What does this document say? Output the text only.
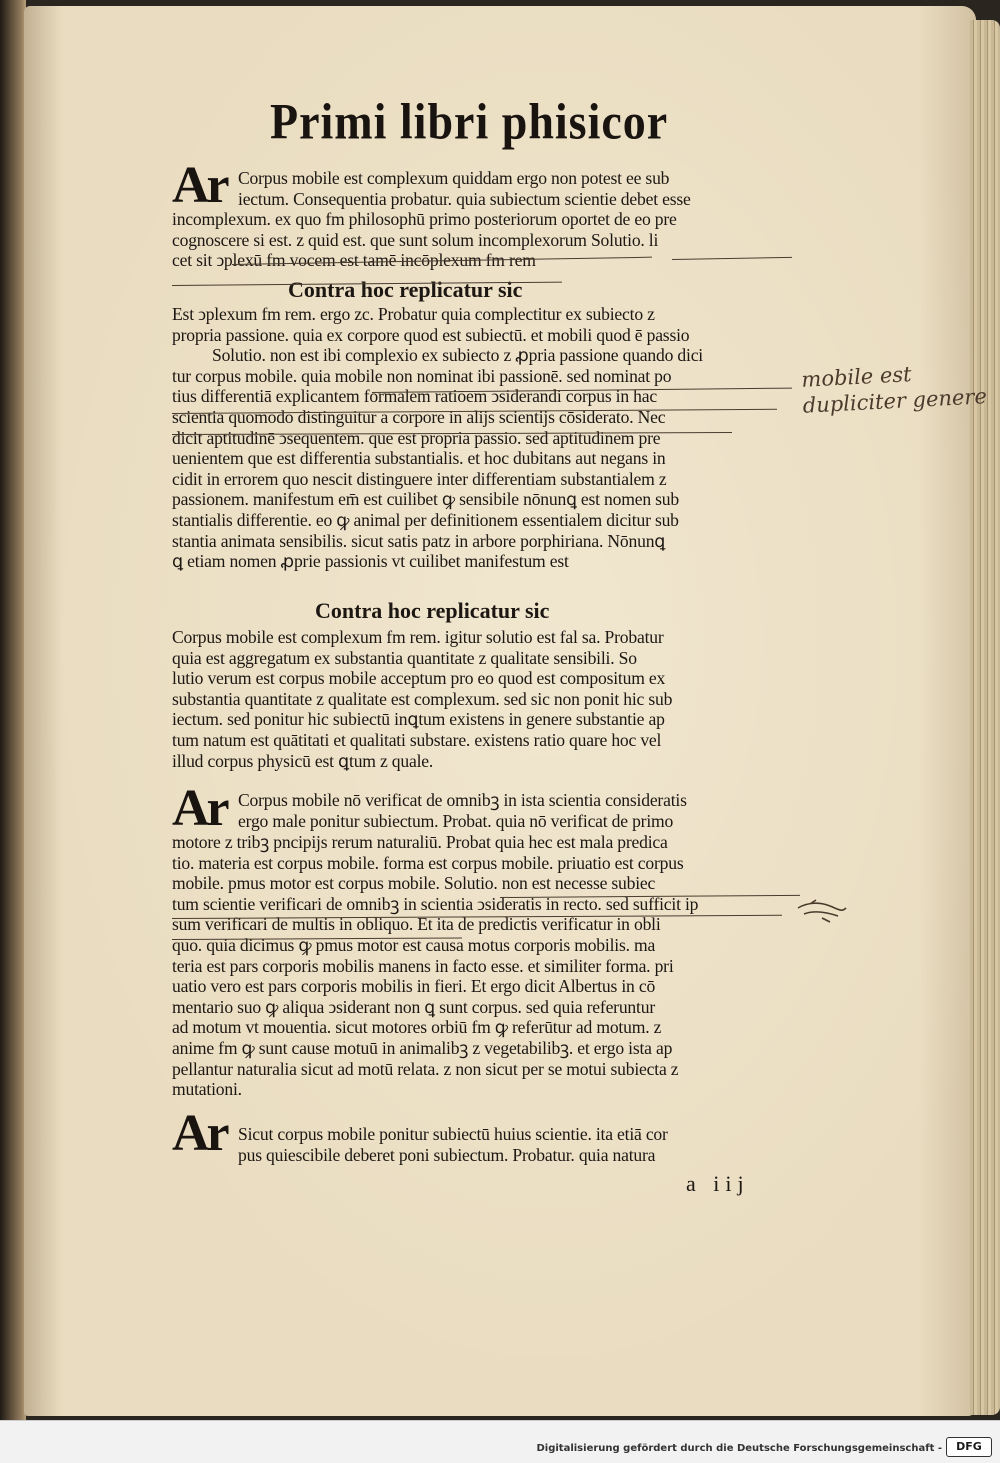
Primi libri phisicor
Ar Corpus mobile est complexum quiddam ergo non potest ee sub
iectum. Consequentia probatur. quia subiectum scientie debet esse
incomplexum. ex quo fm philosophū primo posteriorum oportet de eo pre
cognoscere si est. z quid est. que sunt solum incomplexorum Solutio. li
cet sit ↄplexū fm vocem est tamē incōplexum fm rem
Contra hoc replicatur sic
Est ↄplexum fm rem. ergo zc. Probatur quia complectitur ex subiecto z
propria passione. quia ex corpore quod est subiectū. et mobili quod ē passio
Solutio. non est ibi complexio ex subiecto z ꝓpria passione quando dici
tur corpus mobile. quia mobile non nominat ibi passionē. sed nominat po
tius differentiā explicantem formalem ratiōem ↄsiderandi corpus in hac
scientia quomodo distinguitur a corpore in alijs scientijs cōsiderato. Nec
dicit aptitudinē ↄsequentem. que est propria passio. sed aptitudinem pre
uenientem que est differentia substantialis. et hoc dubitans aut negans in
cidit in errorem quo nescit distinguere inter differentiam substantialem z
passionem. manifestum em̄ est cuilibet ꝙ sensibile nōnunꝗ est nomen sub
stantialis differentie. eo ꝙ animal per definitionem essentialem dicitur sub
stantia animata sensibilis. sicut satis patz in arbore porphiriana. Nōnunꝗ
ꝗ etiam nomen ꝓprie passionis vt cuilibet manifestum est
Contra hoc replicatur sic
Corpus mobile est complexum fm rem. igitur solutio est fal sa. Probatur
quia est aggregatum ex substantia quantitate z qualitate sensibili. So
lutio verum est corpus mobile acceptum pro eo quod est compositum ex
substantia quantitate z qualitate est complexum. sed sic non ponit hic sub
iectum. sed ponitur hic subiectū inꝗtum existens in genere substantie ap
tum natum est quātitati et qualitati substare. existens ratio quare hoc vel
illud corpus physicū est ꝗtum z quale.
Ar Corpus mobile nō verificat de omnibꝫ in ista scientia consideratis
ergo male ponitur subiectum. Probat. quia nō verificat de primo
motore z tribꝫ pncipijs rerum naturaliū. Probat quia hec est mala predica
tio. materia est corpus mobile. forma est corpus mobile. priuatio est corpus
mobile. pmus motor est corpus mobile. Solutio. non est necesse subiec
tum scientie verificari de omnibꝫ in scientia ↄsideratis in recto. sed sufficit ip
sum verificari de multis in obliquo. Et ita de predictis verificatur in obli
quo. quia dicimus ꝙ pmus motor est causa motus corporis mobilis. ma
teria est pars corporis mobilis manens in facto esse. et similiter forma. pri
uatio vero est pars corporis mobilis in fieri. Et ergo dicit Albertus in cō
mentario suo ꝙ aliqua ↄsiderant non ꝗ sunt corpus. sed quia referuntur
ad motum vt mouentia. sicut motores orbiū fm ꝙ referūtur ad motum. z
anime fm ꝙ sunt cause motuū in animalibꝫ z vegetabilibꝫ. et ergo ista ap
pellantur naturalia sicut ad motū relata. z non sicut per se motui subiecta z
mutationi.
Ar Sicut corpus mobile ponitur subiectū huius scientie. ita etiā cor
pus quiescibile deberet poni subiectum. Probatur. quia natura
a iij
mobile est
dupliciter genere
Digitalisierung gefördert durch die Deutsche Forschungsgemeinschaft -	DFG
